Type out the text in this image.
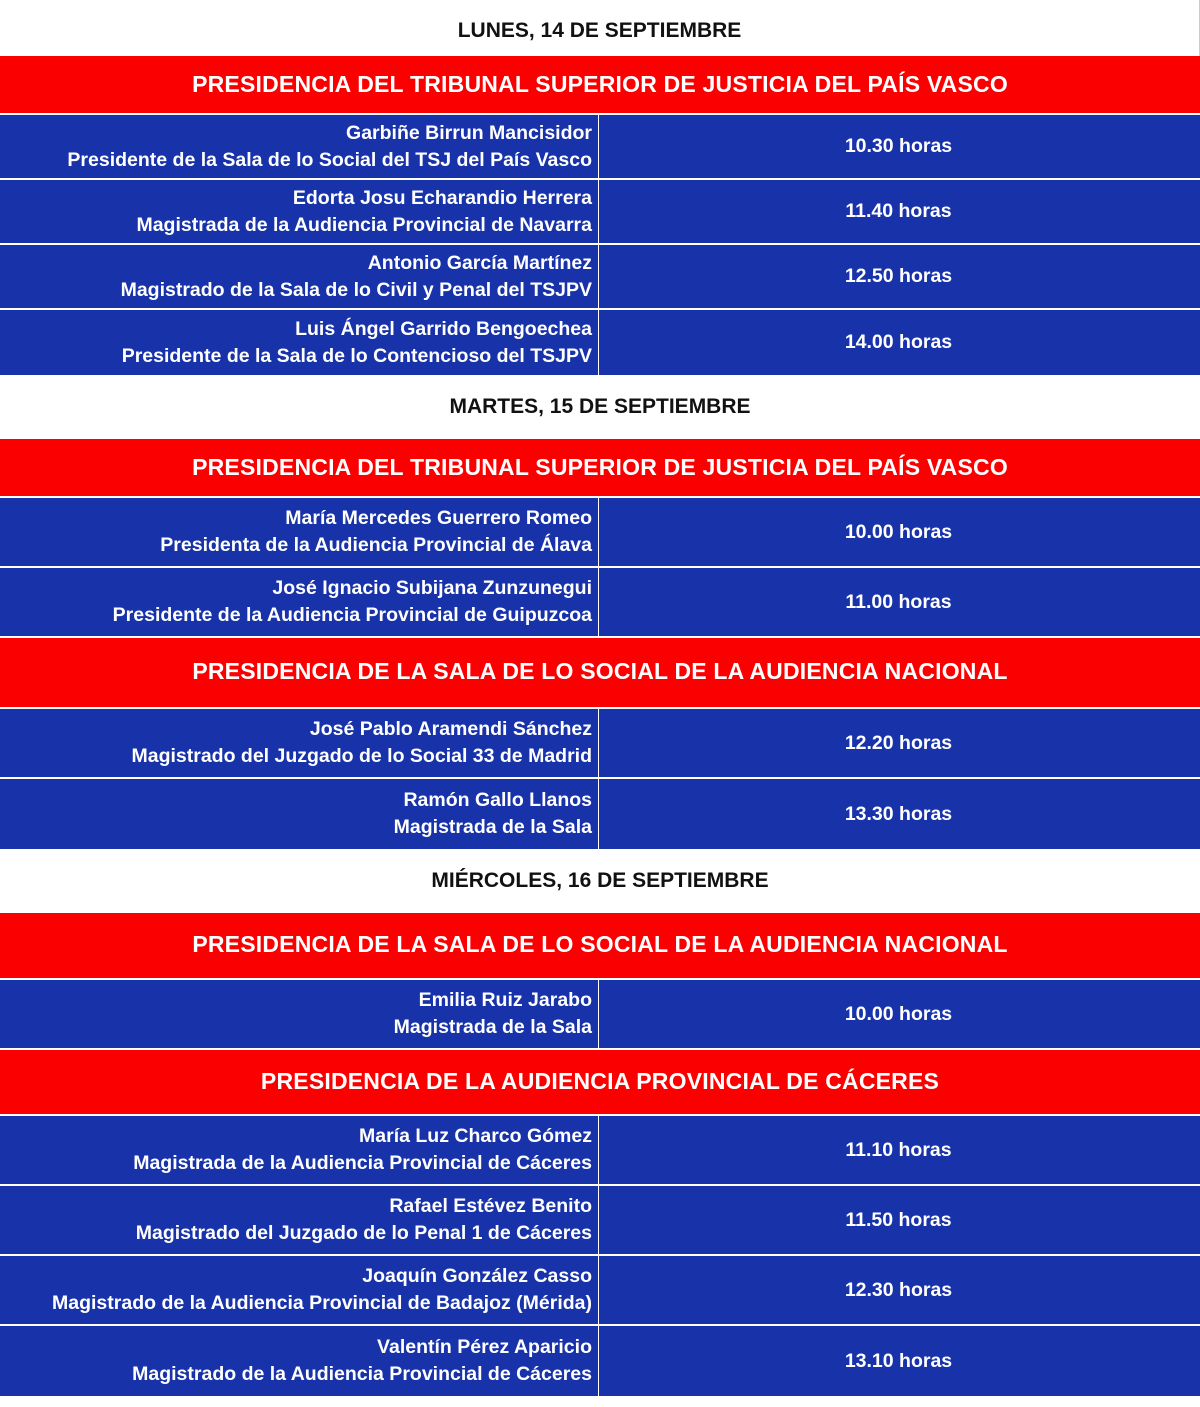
LUNES, 14 DE SEPTIEMBRE
PRESIDENCIA DEL TRIBUNAL SUPERIOR DE JUSTICIA DEL PAÍS VASCO
Garbiñe Birrun Mancisidor
Presidente de la Sala de lo Social del TSJ del País Vasco
10.30 horas
Edorta Josu Echarandio Herrera
Magistrada de la Audiencia Provincial de Navarra
11.40 horas
Antonio García Martínez
Magistrado de la Sala de lo Civil y Penal del TSJPV
12.50 horas
Luis Ángel Garrido Bengoechea
Presidente de la Sala de lo Contencioso del TSJPV
14.00 horas
MARTES, 15 DE SEPTIEMBRE
PRESIDENCIA DEL TRIBUNAL SUPERIOR DE JUSTICIA DEL PAÍS VASCO
María Mercedes Guerrero Romeo
Presidenta de la Audiencia Provincial de Álava
10.00 horas
José Ignacio Subijana Zunzunegui
Presidente de la Audiencia Provincial de Guipuzcoa
11.00 horas
PRESIDENCIA DE LA SALA DE LO SOCIAL DE LA AUDIENCIA NACIONAL
José Pablo Aramendi Sánchez
Magistrado del Juzgado de lo Social 33 de Madrid
12.20 horas
Ramón Gallo Llanos
Magistrada de la Sala
13.30 horas
MIÉRCOLES, 16 DE SEPTIEMBRE
PRESIDENCIA DE LA SALA DE LO SOCIAL DE LA AUDIENCIA NACIONAL
Emilia Ruiz Jarabo
Magistrada de la Sala
10.00 horas
PRESIDENCIA DE LA AUDIENCIA PROVINCIAL DE CÁCERES
María Luz Charco Gómez
Magistrada de la Audiencia Provincial de Cáceres
11.10 horas
Rafael Estévez Benito
Magistrado del Juzgado de lo Penal 1 de Cáceres
11.50 horas
Joaquín González Casso
Magistrado de la Audiencia Provincial de Badajoz (Mérida)
12.30 horas
Valentín Pérez Aparicio
Magistrado de la Audiencia Provincial de Cáceres
13.10 horas
